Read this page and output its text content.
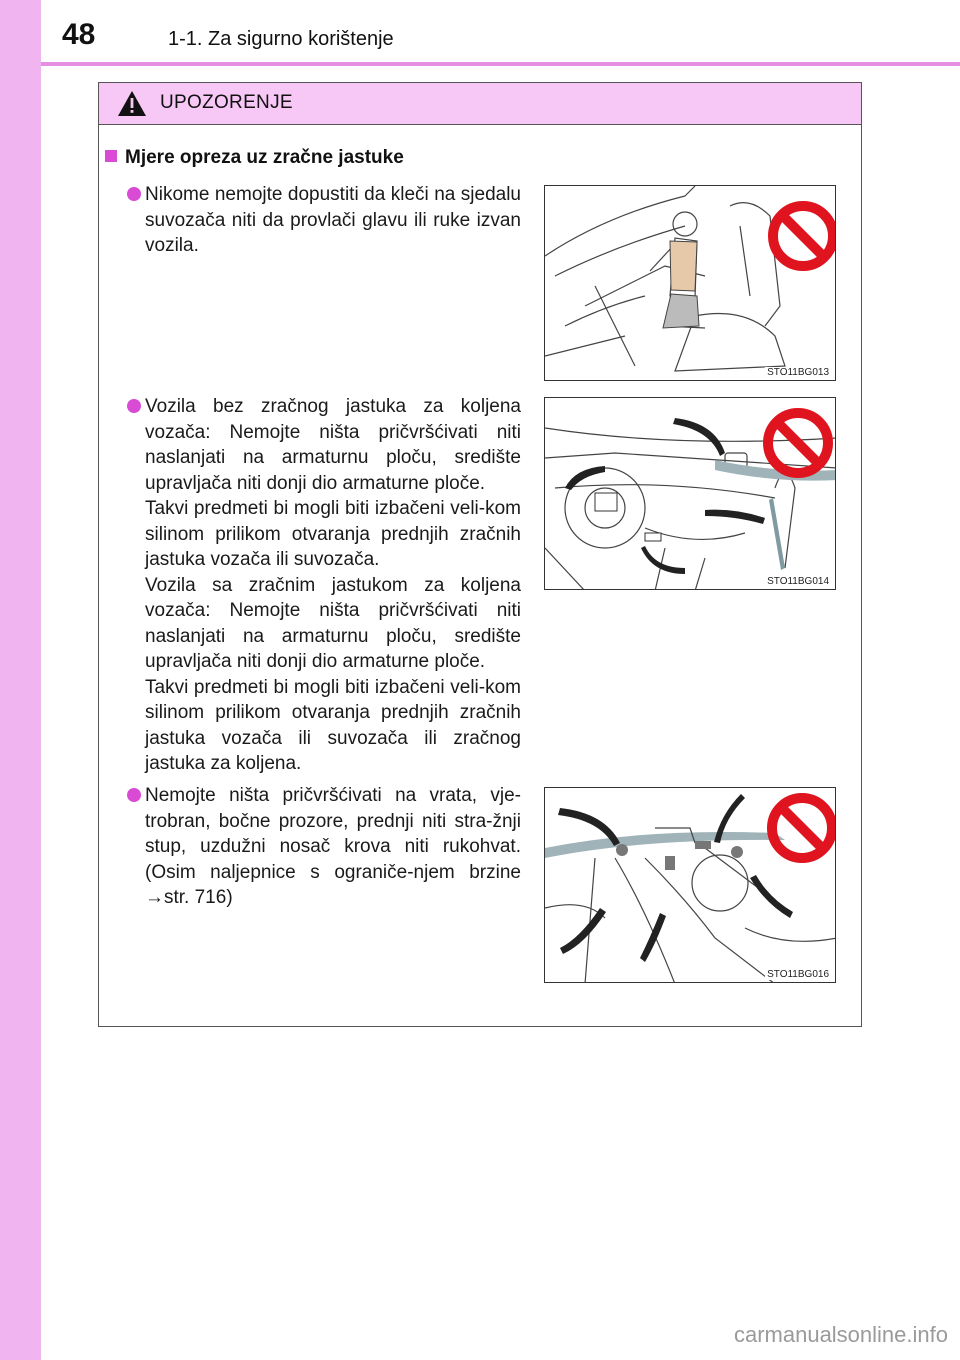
48	1-1. Za sigurno korištenje
UPOZORENJE
Mjere opreza uz zračne jastuke

Nikome nemojte dopustiti da kleči na sjedalu suvozača niti da provlači glavu ili ruke izvan vozila.

Vozila bez zračnog jastuka za koljena vozača: Nemojte ništa pričvršćivati niti naslanjati na armaturnu ploču, središte upravljača niti donji dio armaturne ploče.

Takvi predmeti bi mogli biti izbačeni veli-kom silinom prilikom otvaranja prednjih zračnih jastuka vozača ili suvozača.

Vozila sa zračnim jastukom za koljena vozača: Nemojte ništa pričvršćivati niti naslanjati na armaturnu ploču, središte upravljača niti donji dio armaturne ploče.

Takvi predmeti bi mogli biti izbačeni veli-kom silinom prilikom otvaranja prednjih zračnih jastuka vozača ili suvozača ili zračnog jastuka za koljena.

Nemojte ništa pričvršćivati na vrata, vje-trobran, bočne prozore, prednji niti stra-žnji stup, uzdužni nosač krova niti rukohvat. (Osim naljepnice s ograniče-njem brzine →str. 716)

STO11BG013
STO11BG014
STO11BG016
carmanualsonline.info
